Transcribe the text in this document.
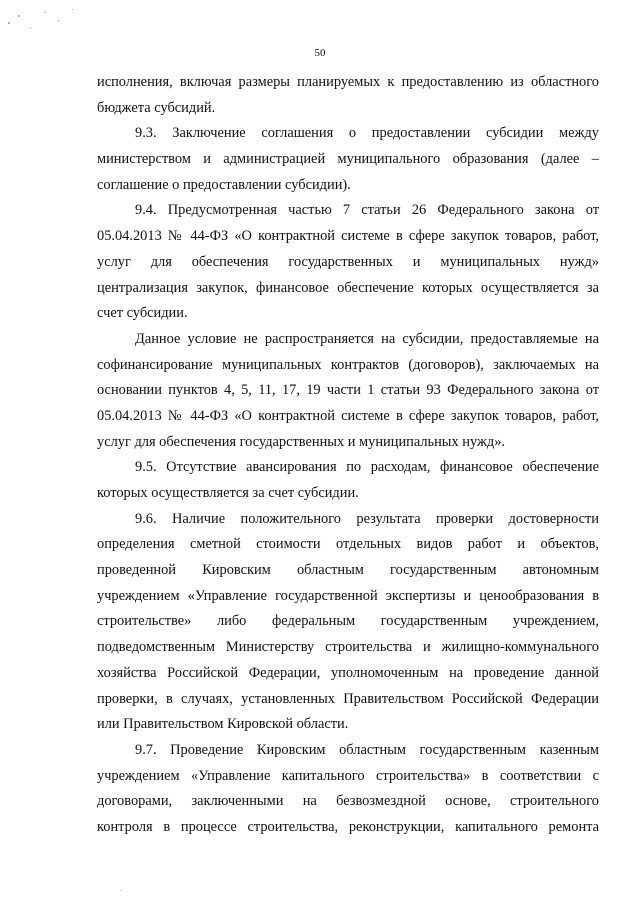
50
исполнения, включая размеры планируемых к предоставлению из областного
бюджета субсидий.
9.3. Заключение соглашения о предоставлении субсидии между
министерством и администрацией муниципального образования (далее –
соглашение о предоставлении субсидии).
9.4. Предусмотренная частью 7 статьи 26 Федерального закона от
05.04.2013 № 44-ФЗ «О контрактной системе в сфере закупок товаров, работ,
услуг для обеспечения государственных и муниципальных нужд»
централизация закупок, финансовое обеспечение которых осуществляется за
счет субсидии.
Данное условие не распространяется на субсидии, предоставляемые на
софинансирование муниципальных контрактов (договоров), заключаемых на
основании пунктов 4, 5, 11, 17, 19 части 1 статьи 93 Федерального закона от
05.04.2013 № 44-ФЗ «О контрактной системе в сфере закупок товаров, работ,
услуг для обеспечения государственных и муниципальных нужд».
9.5. Отсутствие авансирования по расходам, финансовое обеспечение
которых осуществляется за счет субсидии.
9.6. Наличие положительного результата проверки достоверности
определения сметной стоимости отдельных видов работ и объектов,
проведенной Кировским областным государственным автономным
учреждением «Управление государственной экспертизы и ценообразования в
строительстве» либо федеральным государственным учреждением,
подведомственным Министерству строительства и жилищно-коммунального
хозяйства Российской Федерации, уполномоченным на проведение данной
проверки, в случаях, установленных Правительством Российской Федерации
или Правительством Кировской области.
9.7. Проведение Кировским областным государственным казенным
учреждением «Управление капитального строительства» в соответствии с
договорами, заключенными на безвозмездной основе, строительного
контроля в процессе строительства, реконструкции, капитального ремонта
